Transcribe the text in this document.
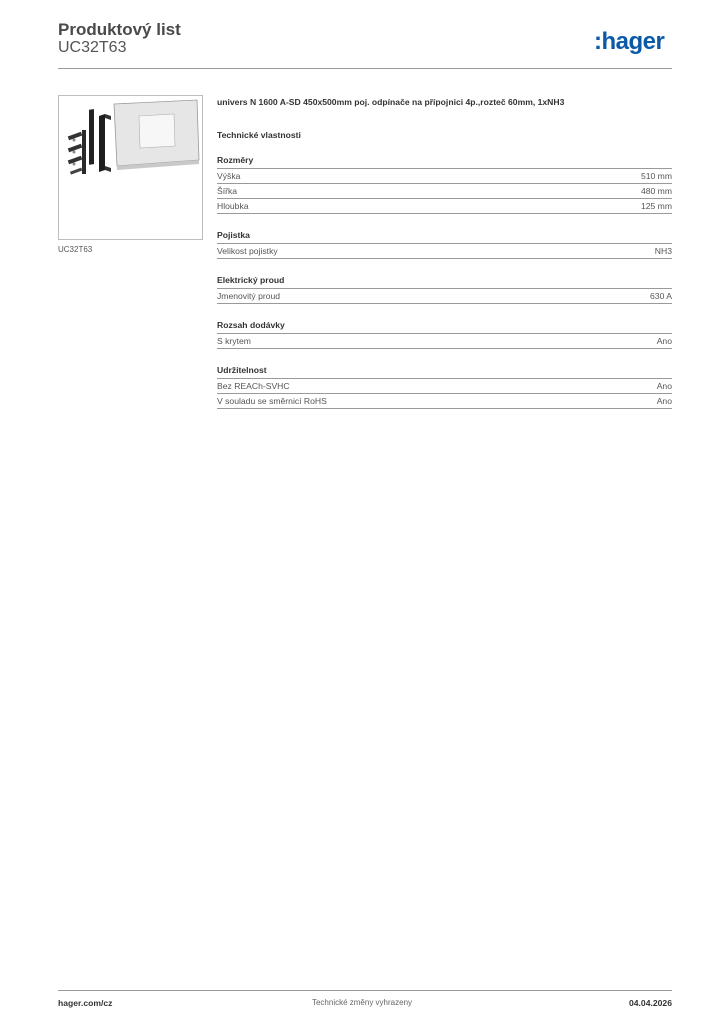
Produktový list
UC32T63	:hager
UC32T63
univers N 1600 A-SD 450x500mm poj. odpínače na přípojnici 4p.,rozteč 60mm, 1xNH3
Technické vlastnosti
Rozměry
Výška	510 mm
Šířka	480 mm
Hloubka	125 mm
Pojistka
Velikost pojistky	NH3
Elektrický proud
Jmenovitý proud	630 A
Rozsah dodávky
S krytem	Ano
Udržitelnost
Bez REACh-SVHC	Ano
V souladu se směrnicí RoHS	Ano
hager.com/cz	Technické změny vyhrazeny	04.04.2026
